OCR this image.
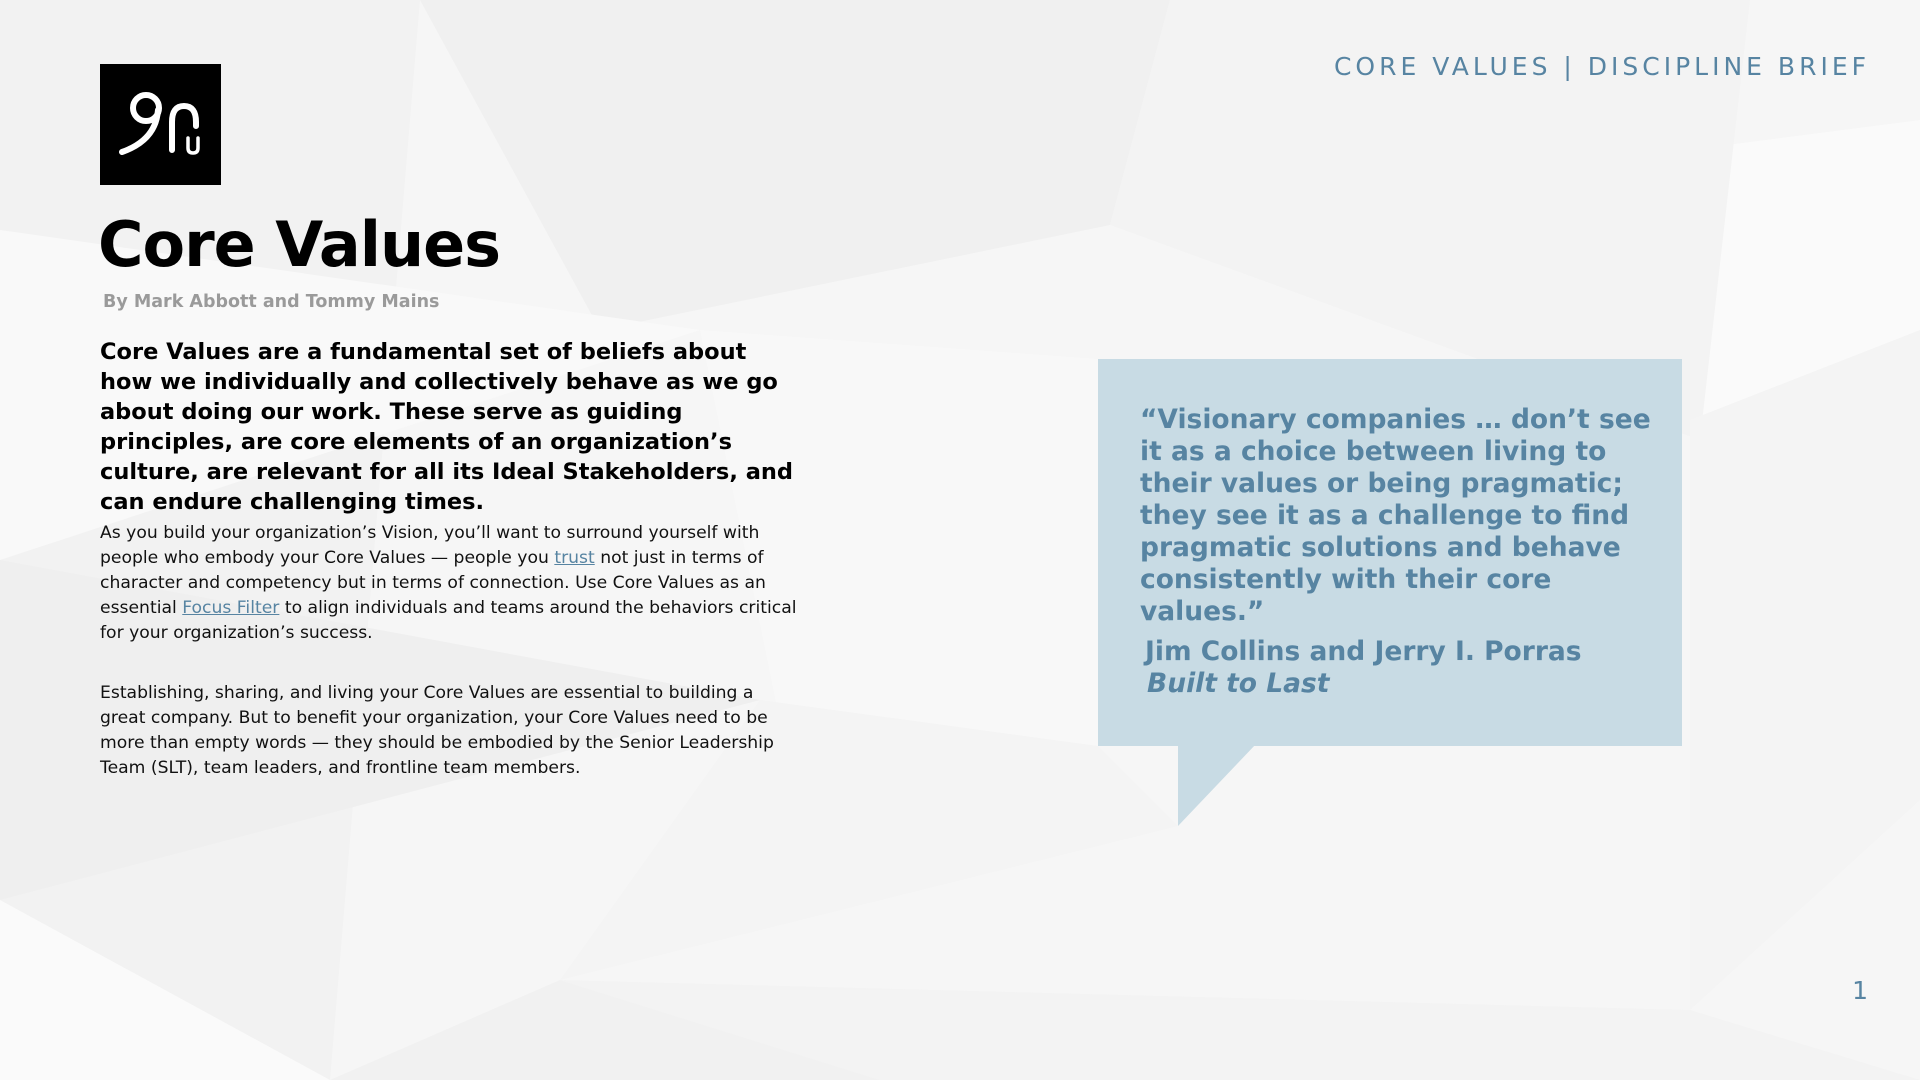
CORE VALUES | DISCIPLINE BRIEF
Core Values
By Mark Abbott and Tommy Mains

Core Values are a fundamental set of beliefs about how we individually and collectively behave as we go about doing our work. These serve as guiding principles, are core elements of an organization’s culture, are relevant for all its Ideal Stakeholders, and can endure challenging times.

As you build your organization’s Vision, you’ll want to surround yourself with people who embody your Core Values — people you trust not just in terms of character and competency but in terms of connection. Use Core Values as an essential Focus Filter to align individuals and teams around the behaviors critical for your organization’s success.

Establishing, sharing, and living your Core Values are essential to building a great company. But to benefit your organization, your Core Values need to be more than empty words — they should be embodied by the Senior Leadership Team (SLT), team leaders, and frontline team members.

“Visionary companies … don’t see it as a choice between living to their values or being pragmatic; they see it as a challenge to find pragmatic solutions and behave consistently with their core values.”

Jim Collins and Jerry I. Porras
Built to Last
1
